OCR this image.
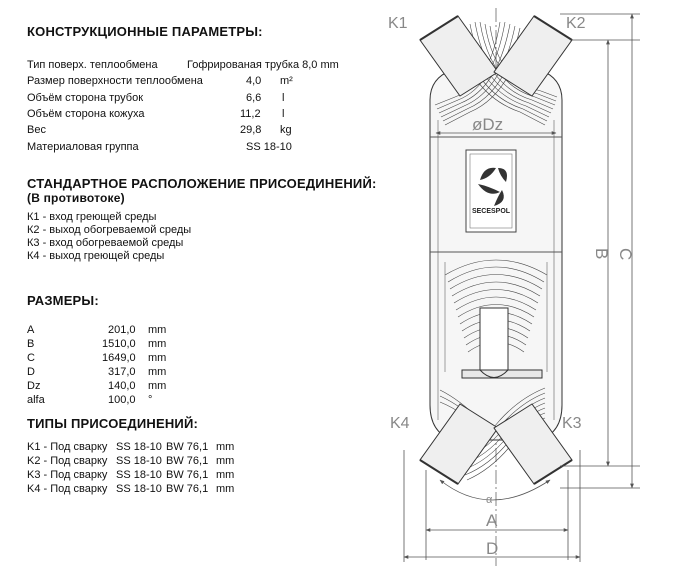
КОНСТРУКЦИОННЫЕ ПАРАМЕТРЫ:
Тип поверх. теплообмена	Гофрированая трубка 8,0 mm
Размер поверхности теплообмена	4,0 m²
Объём сторона трубок	6,6 l
Объём сторона кожуха	11,2 l
Вес	29,8 kg
Материаловая группа	SS 18-10
СТАНДАРТНОЕ РАСПОЛОЖЕНИЕ ПРИСОЕДИНЕНИЙ:
(В противотоке)
К1 - вход греющей среды
К2 - выход обогреваемой среды
К3 - вход обогреваемой среды
К4 - выход греющей среды
РАЗМЕРЫ:
A	201,0 mm
B	1510,0 mm
C	1649,0 mm
D	317,0 mm
Dz	140,0 mm
alfa	100,0 °
ТИПЫ ПРИСОЕДИНЕНИЙ:
K1 - Под сварку SS 18-10 BW 76,1 mm
K2 - Под сварку SS 18-10 BW 76,1 mm
K3 - Под сварку SS 18-10 BW 76,1 mm
K4 - Под сварку SS 18-10 BW 76,1 mm
SECESPOL
K1	K2
K4	K3
øDz
B C
A
D
α
